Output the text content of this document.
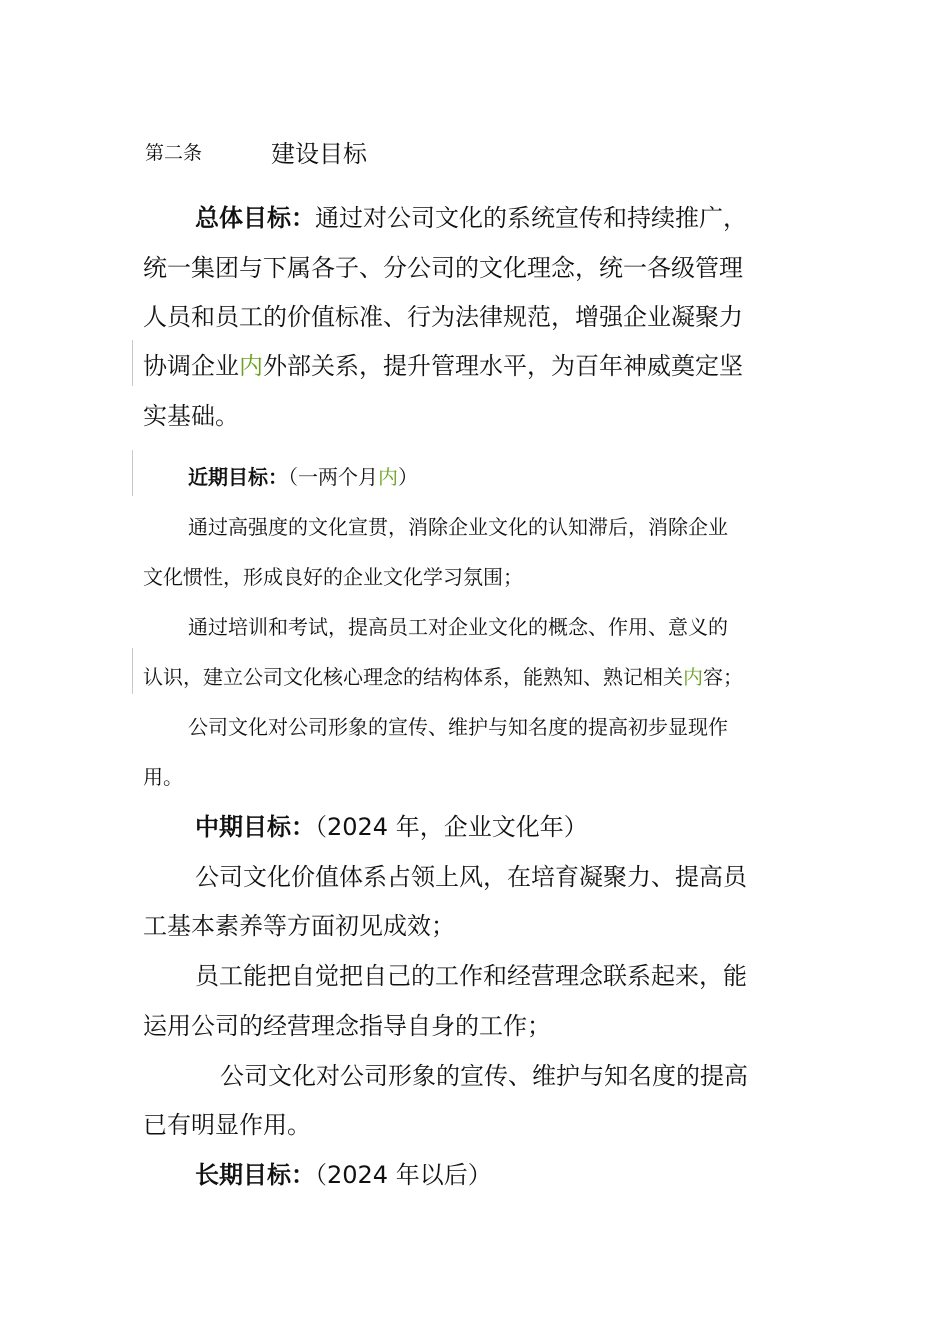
第二条	建设目标
总体目标：通过对公司文化的系统宣传和持续推广，
统一集团与下属各子、分公司的文化理念，统一各级管理
人员和员工的价值标准、行为法律规范，增强企业凝聚力
协调企业内外部关系，提升管理水平，为百年神威奠定坚
实基础。
近期目标：（一两个月内）
通过高强度的文化宣贯，消除企业文化的认知滞后，消除企业
文化惯性，形成良好的企业文化学习氛围；
通过培训和考试，提高员工对企业文化的概念、作用、意义的
认识，建立公司文化核心理念的结构体系，能熟知、熟记相关内容；
公司文化对公司形象的宣传、维护与知名度的提高初步显现作
用。
中期目标：（2024 年，企业文化年）
公司文化价值体系占领上风，在培育凝聚力、提高员
工基本素养等方面初见成效；
员工能把自觉把自己的工作和经营理念联系起来，能
运用公司的经营理念指导自身的工作；
公司文化对公司形象的宣传、维护与知名度的提高
已有明显作用。
长期目标：（2024 年以后）
